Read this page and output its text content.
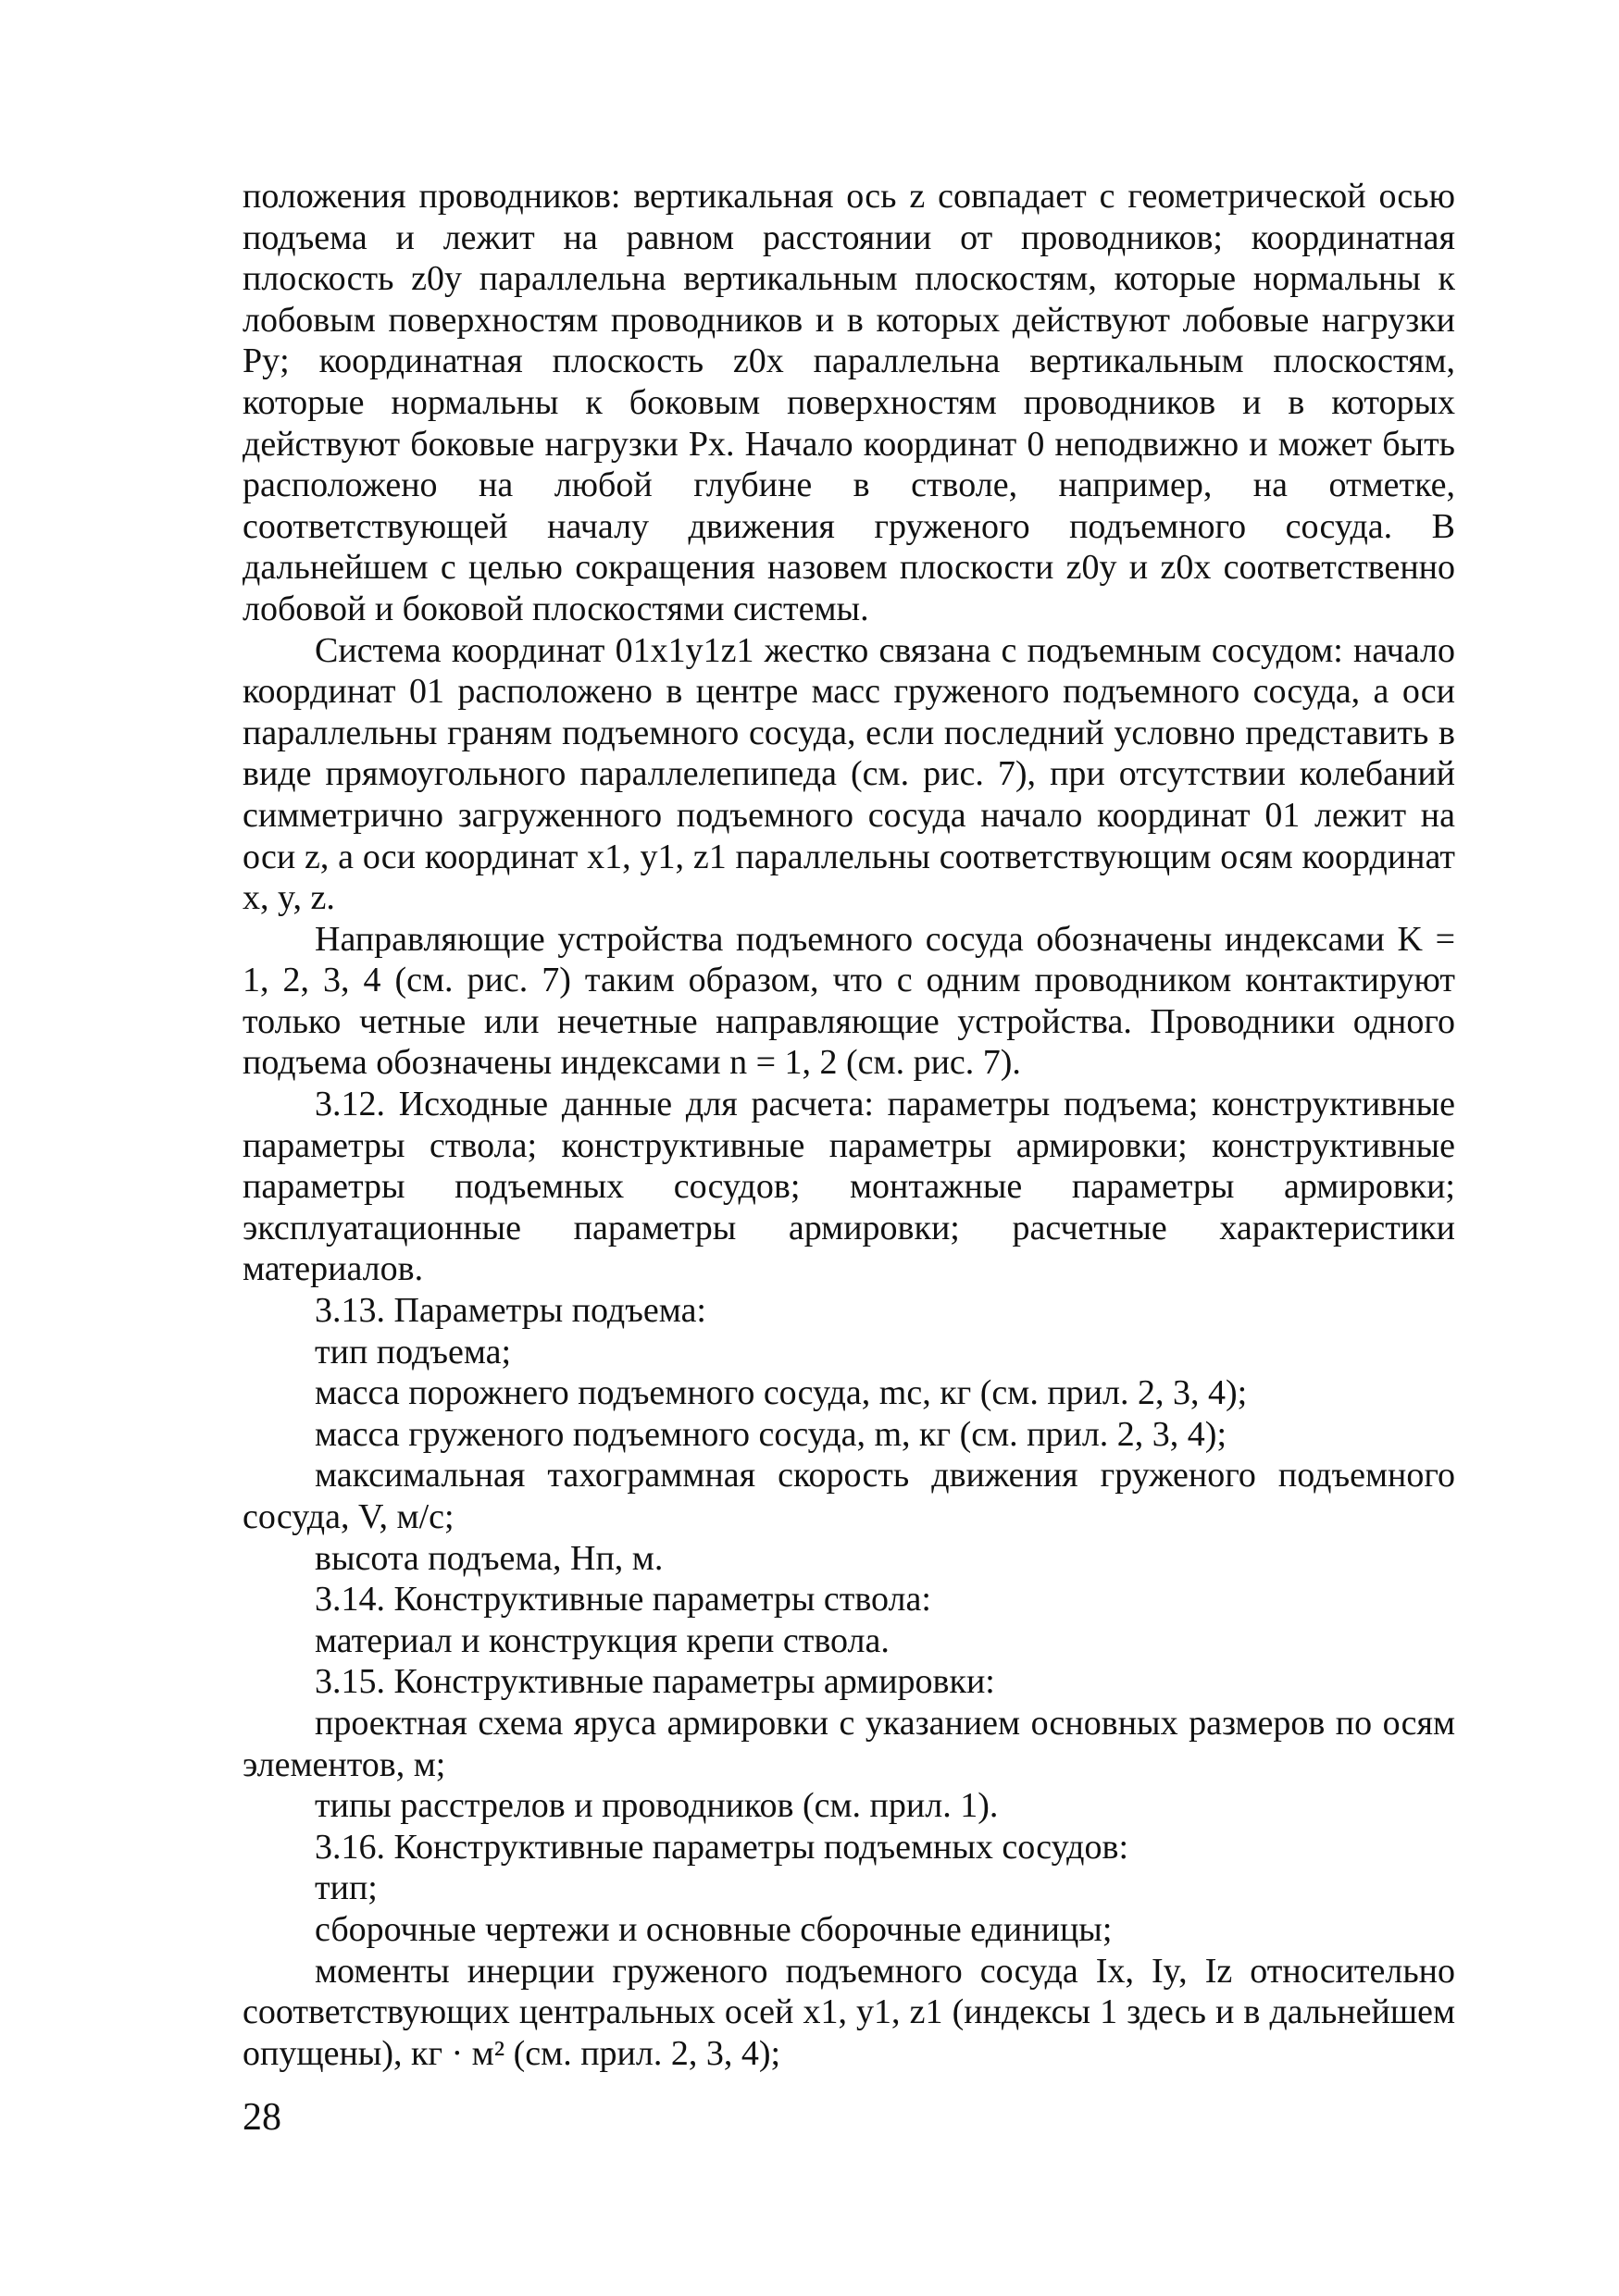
положения проводников: вертикальная ось z совпадает с геометрической осью подъема и лежит на равном расстоянии от проводников; координатная плоскость z0y параллельна вертикальным плоскостям, которые нормальны к лобовым поверхностям проводников и в которых действуют лобовые нагрузки Py; координатная плоскость z0x параллельна вертикальным плоскостям, которые нормальны к боковым поверхностям проводников и в которых действуют боковые нагрузки Px. Начало координат 0 неподвижно и может быть расположено на любой глубине в стволе, например, на отметке, соответствующей началу движения груженого подъемного сосуда. В дальнейшем с целью сокращения назовем плоскости z0y и z0x соответственно лобовой и боковой плоскостями системы.

Система координат 01x1y1z1 жестко связана с подъемным сосудом: начало координат 01 расположено в центре масс груженого подъемного сосуда, а оси параллельны граням подъемного сосуда, если последний условно представить в виде прямоугольного параллелепипеда (см. рис. 7), при отсутствии колебаний симметрично загруженного подъемного сосуда начало координат 01 лежит на оси z, а оси координат x1, y1, z1 параллельны соответствующим осям координат x, y, z.

Направляющие устройства подъемного сосуда обозначены индексами K = 1, 2, 3, 4 (см. рис. 7) таким образом, что с одним проводником контактируют только четные или нечетные направляющие устройства. Проводники одного подъема обозначены индексами n = 1, 2 (см. рис. 7).

3.12. Исходные данные для расчета: параметры подъема; конструктивные параметры ствола; конструктивные параметры армировки; конструктивные параметры подъемных сосудов; монтажные параметры армировки; эксплуатационные параметры армировки; расчетные характеристики материалов.

3.13. Параметры подъема:

тип подъема;

масса порожнего подъемного сосуда, mс, кг (см. прил. 2, 3, 4);

масса груженого подъемного сосуда, m, кг (см. прил. 2, 3, 4);

максимальная тахограммная скорость движения груженого подъемного сосуда, V, м/с;

высота подъема, Hп, м.

3.14. Конструктивные параметры ствола:

материал и конструкция крепи ствола.

3.15. Конструктивные параметры армировки:

проектная схема яруса армировки с указанием основных размеров по осям элементов, м;

типы расстрелов и проводников (см. прил. 1).

3.16. Конструктивные параметры подъемных сосудов:

тип;

сборочные чертежи и основные сборочные единицы;

моменты инерции груженого подъемного сосуда Ix, Iy, Iz относительно соответствующих центральных осей x1, y1, z1 (индексы 1 здесь и в дальнейшем опущены), кг · м² (см. прил. 2, 3, 4);

28
